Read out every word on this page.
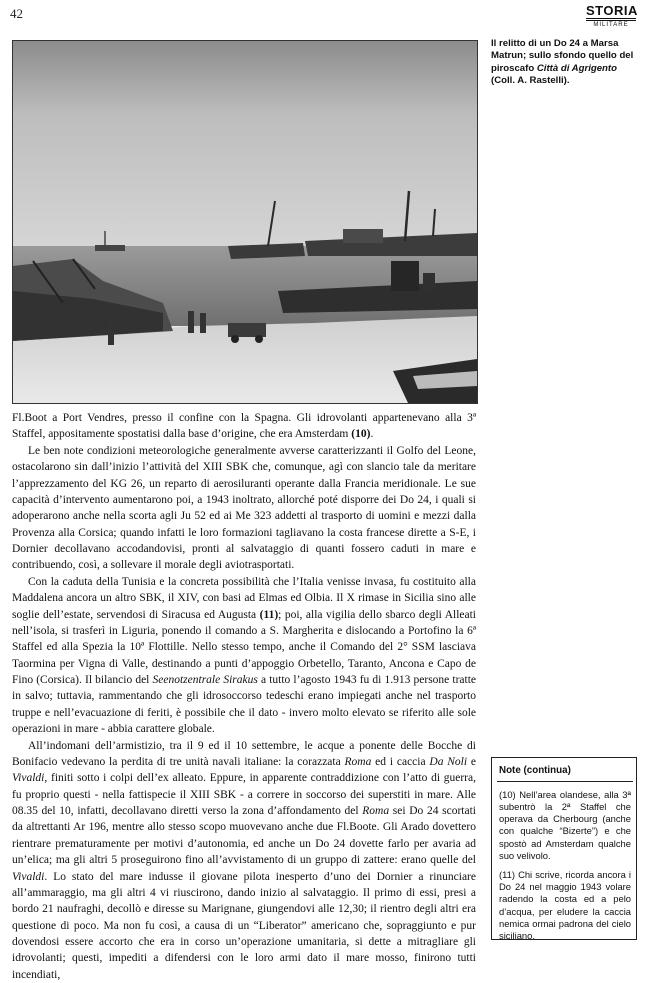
42	STORIA
MILITARE

Il relitto di un Do 24 a Marsa Matrun; sullo sfondo quello del piroscafo Città di Agrigento (Coll. A. Rastelli).

Fl.Boot a Port Vendres, presso il confine con la Spagna. Gli idrovolanti appartenevano alla 3ª Staffel, appositamente spostatisi dalla base d’origine, che era Amsterdam (10).

Le ben note condizioni meteorologiche generalmente avverse caratterizzanti il Golfo del Leone, ostacolarono sin dall’inizio l’attività del XIII SBK che, comunque, agì con slancio tale da meritare l’apprezzamento del KG 26, un reparto di aerosiluranti operante dalla Francia meridionale. Le sue capacità d’intervento aumentarono poi, a 1943 inoltrato, allorché poté disporre dei Do 24, i quali si adoperarono anche nella scorta agli Ju 52 ed ai Me 323 addetti al trasporto di uomini e mezzi dalla Provenza alla Corsica; quando infatti le loro formazioni tagliavano la costa francese dirette a S-E, i Dornier decollavano accodandovisi, pronti al salvataggio di quanti fossero caduti in mare e contribuendo, così, a sollevare il morale degli aviotrasportati.

Con la caduta della Tunisia e la concreta possibilità che l’Italia venisse invasa, fu costituito alla Maddalena ancora un altro SBK, il XIV, con basi ad Elmas ed Olbia. Il X rimase in Sicilia sino alle soglie dell’estate, servendosi di Siracusa ed Augusta (11); poi, alla vigilia dello sbarco degli Alleati nell’isola, si trasferì in Liguria, ponendo il comando a S. Margherita e dislocando a Portofino la 6ª Staffel ed alla Spezia la 10ª Flottille. Nello stesso tempo, anche il Comando del 2° SSM lasciava Taormina per Vigna di Valle, destinando a punti d’appoggio Orbetello, Taranto, Ancona e Capo de Fino (Corsica). Il bilancio del Seenotzentrale Sirakus a tutto l’agosto 1943 fu di 1.913 persone tratte in salvo; tuttavia, rammentando che gli idrosoccorso tedeschi erano impiegati anche nel trasporto truppe e nell’evacuazione di feriti, è possibile che il dato - invero molto elevato se riferito alle sole operazioni in mare - abbia carattere globale.

All’indomani dell’armistizio, tra il 9 ed il 10 settembre, le acque a ponente delle Bocche di Bonifacio vedevano la perdita di tre unità navali italiane: la corazzata Roma ed i caccia Da Noli e Vivaldi, finiti sotto i colpi dell’ex alleato. Eppure, in apparente contraddizione con l’atto di guerra, fu proprio questi - nella fattispecie il XIII SBK - a correre in soccorso dei superstiti in mare. Alle 08.35 del 10, infatti, decollavano diretti verso la zona d’affondamento del Roma sei Do 24 scortati da altrettanti Ar 196, mentre allo stesso scopo muovevano anche due Fl.Boote. Gli Arado dovettero rientrare prematuramente per motivi d’autonomia, ed anche un Do 24 dovette farlo per avaria ad un’elica; ma gli altri 5 proseguirono fino all’avvistamento di un gruppo di zattere: erano quelle del Vivaldi. Lo stato del mare indusse il giovane pilota inesperto d’uno dei Dornier a rinunciare all’ammaraggio, ma gli altri 4 vi riuscirono, dando inizio al salvataggio. Il primo di essi, presi a bordo 21 naufraghi, decollò e diresse su Marignane, giungendovi alle 12,30; il rientro degli altri era questione di poco. Ma non fu così, a causa di un “Liberator” americano che, sopraggiunto e pur dovendosi essere accorto che era in corso un’operazione umanitaria, si dette a mitragliare gli idrovolanti; questi, impediti a difendersi con le loro armi dato il mare mosso, finirono tutti incendiati,

Note (continua)

(10) Nell’area olandese, alla 3ª subentrò la 2ª Staffel che operava da Cherbourg (anche con qualche “Bizerte”) e che spostò ad Amsterdam qualche suo velivolo.

(11) Chi scrive, ricorda ancora i Do 24 nel maggio 1943 volare radendo la costa ed a pelo d’acqua, per eludere la caccia nemica ormai padrona del cielo siciliano.
